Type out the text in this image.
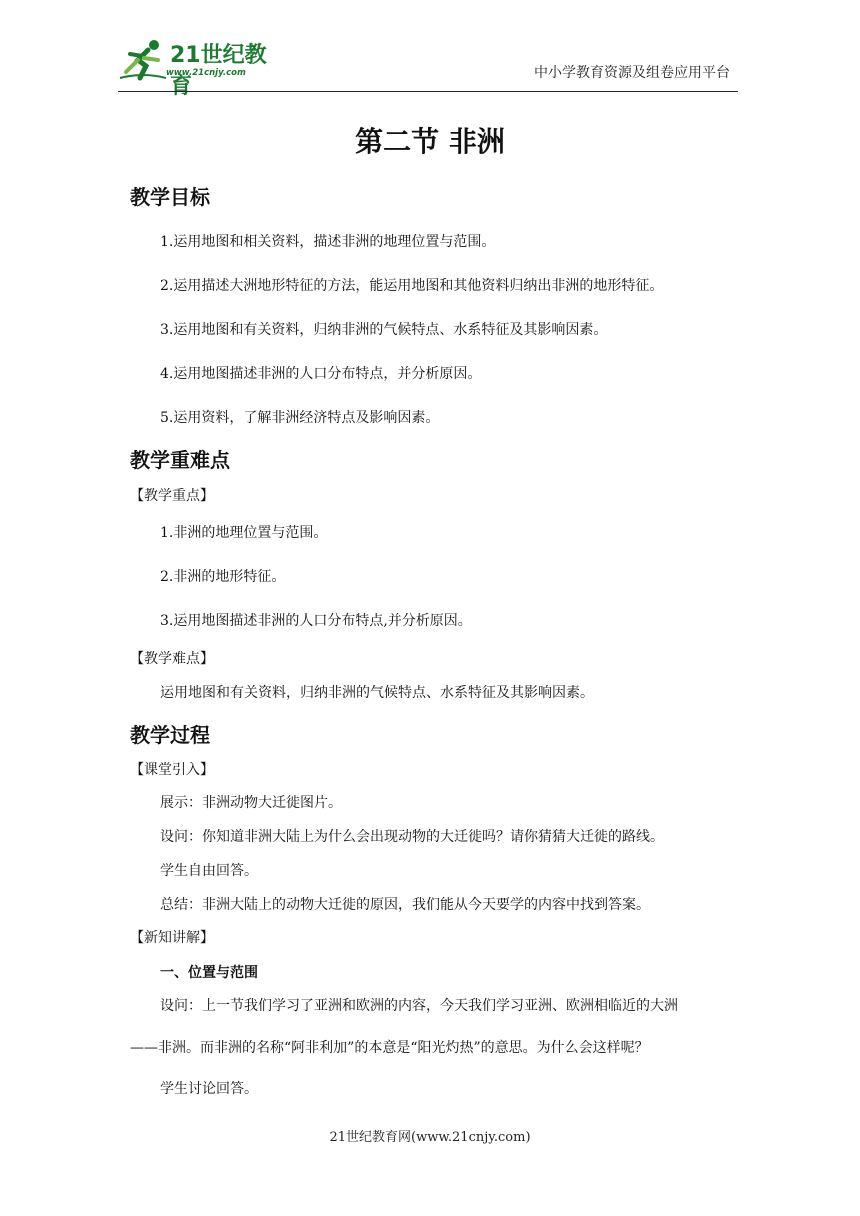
21世纪教育
www.21cnjy.com	中小学教育资源及组卷应用平台
第二节 非洲
教学目标
1.运用地图和相关资料，描述非洲的地理位置与范围。
2.运用描述大洲地形特征的方法，能运用地图和其他资料归纳出非洲的地形特征。
3.运用地图和有关资料，归纳非洲的气候特点、水系特征及其影响因素。
4.运用地图描述非洲的人口分布特点，并分析原因。
5.运用资料，了解非洲经济特点及影响因素。
教学重难点
【教学重点】
1.非洲的地理位置与范围。
2.非洲的地形特征。
3.运用地图描述非洲的人口分布特点,并分析原因。
【教学难点】
运用地图和有关资料，归纳非洲的气候特点、水系特征及其影响因素。
教学过程
【课堂引入】
展示：非洲动物大迁徙图片。
设问：你知道非洲大陆上为什么会出现动物的大迁徙吗？请你猜猜大迁徙的路线。
学生自由回答。
总结：非洲大陆上的动物大迁徙的原因，我们能从今天要学的内容中找到答案。
【新知讲解】
一、位置与范围
设问：上一节我们学习了亚洲和欧洲的内容，今天我们学习亚洲、欧洲相临近的大洲
——非洲。而非洲的名称“阿非利加”的本意是“阳光灼热”的意思。为什么会这样呢？
学生讨论回答。
21世纪教育网(www.21cnjy.com)
